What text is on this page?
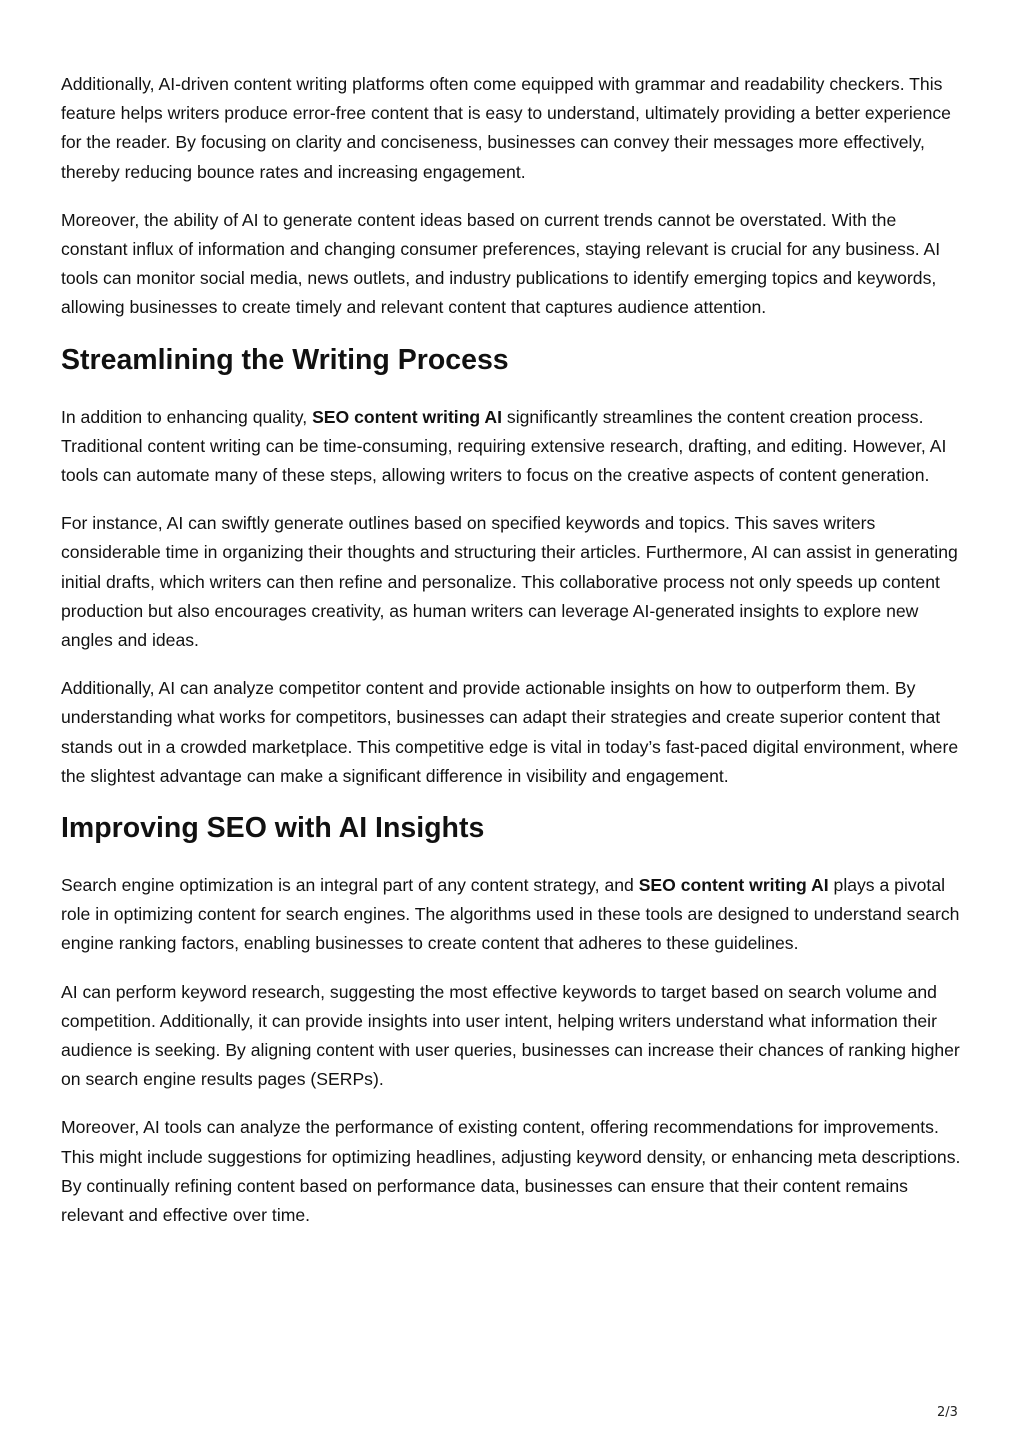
Additionally, AI-driven content writing platforms often come equipped with grammar and readability checkers. This feature helps writers produce error-free content that is easy to understand, ultimately providing a better experience for the reader. By focusing on clarity and conciseness, businesses can convey their messages more effectively, thereby reducing bounce rates and increasing engagement.

Moreover, the ability of AI to generate content ideas based on current trends cannot be overstated. With the constant influx of information and changing consumer preferences, staying relevant is crucial for any business. AI tools can monitor social media, news outlets, and industry publications to identify emerging topics and keywords, allowing businesses to create timely and relevant content that captures audience attention.

Streamlining the Writing Process

In addition to enhancing quality, SEO content writing AI significantly streamlines the content creation process. Traditional content writing can be time-consuming, requiring extensive research, drafting, and editing. However, AI tools can automate many of these steps, allowing writers to focus on the creative aspects of content generation.

For instance, AI can swiftly generate outlines based on specified keywords and topics. This saves writers considerable time in organizing their thoughts and structuring their articles. Furthermore, AI can assist in generating initial drafts, which writers can then refine and personalize. This collaborative process not only speeds up content production but also encourages creativity, as human writers can leverage AI-generated insights to explore new angles and ideas.

Additionally, AI can analyze competitor content and provide actionable insights on how to outperform them. By understanding what works for competitors, businesses can adapt their strategies and create superior content that stands out in a crowded marketplace. This competitive edge is vital in today’s fast-paced digital environment, where the slightest advantage can make a significant difference in visibility and engagement.

Improving SEO with AI Insights

Search engine optimization is an integral part of any content strategy, and SEO content writing AI plays a pivotal role in optimizing content for search engines. The algorithms used in these tools are designed to understand search engine ranking factors, enabling businesses to create content that adheres to these guidelines.

AI can perform keyword research, suggesting the most effective keywords to target based on search volume and competition. Additionally, it can provide insights into user intent, helping writers understand what information their audience is seeking. By aligning content with user queries, businesses can increase their chances of ranking higher on search engine results pages (SERPs).

Moreover, AI tools can analyze the performance of existing content, offering recommendations for improvements. This might include suggestions for optimizing headlines, adjusting keyword density, or enhancing meta descriptions. By continually refining content based on performance data, businesses can ensure that their content remains relevant and effective over time.

2/3
